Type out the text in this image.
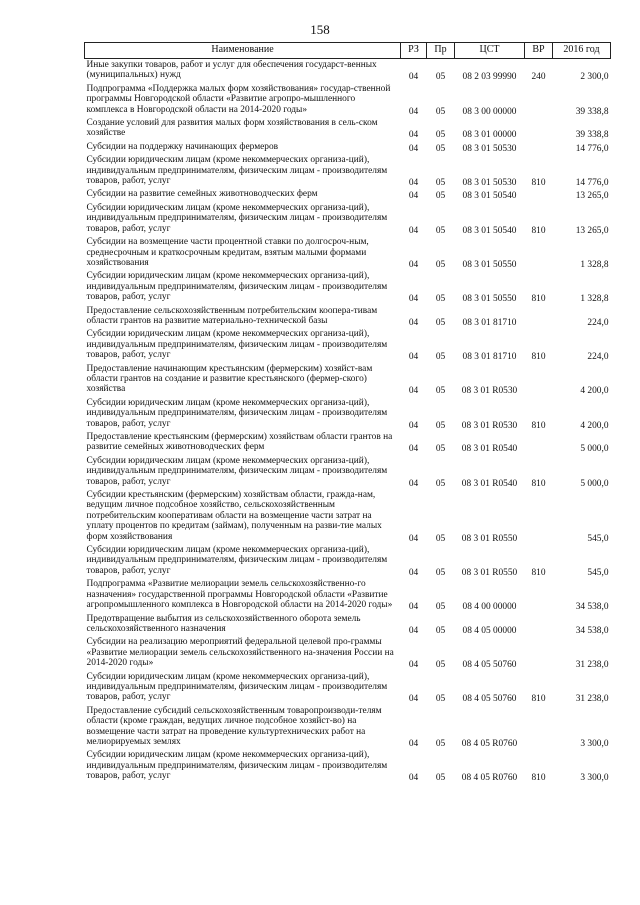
158
Наименование	РЗ	Пр	ЦСТ	ВР	2016 год
Иные закупки товаров, работ и услуг для обеспечения государст-венных (муниципальных) нужд	04	05	08 2 03 99990	240	2 300,0
Подпрограмма «Поддержка малых форм хозяйствования» государ-ственной программы Новгородской области «Развитие агропро-мышленного комплекса в Новгородской области на 2014-2020 годы»	04	05	08 3 00 00000		39 338,8
Создание условий для развития малых форм хозяйствования в сель-ском хозяйстве	04	05	08 3 01 00000		39 338,8
Субсидии на поддержку начинающих фермеров	04	05	08 3 01 50530		14 776,0
Субсидии юридическим лицам (кроме некоммерческих организа-ций), индивидуальным предпринимателям, физическим лицам - производителям товаров, работ, услуг	04	05	08 3 01 50530	810	14 776,0
Субсидии на развитие семейных животноводческих ферм	04	05	08 3 01 50540		13 265,0
Субсидии юридическим лицам (кроме некоммерческих организа-ций), индивидуальным предпринимателям, физическим лицам - производителям товаров, работ, услуг	04	05	08 3 01 50540	810	13 265,0
Субсидии на возмещение части процентной ставки по долгосроч-ным, среднесрочным и краткосрочным кредитам, взятым малыми формами хозяйствования	04	05	08 3 01 50550		1 328,8
Субсидии юридическим лицам (кроме некоммерческих организа-ций), индивидуальным предпринимателям, физическим лицам - производителям товаров, работ, услуг	04	05	08 3 01 50550	810	1 328,8
Предоставление сельскохозяйственным потребительским коопера-тивам области грантов на развитие материально-технической базы	04	05	08 3 01 81710		224,0
Субсидии юридическим лицам (кроме некоммерческих организа-ций), индивидуальным предпринимателям, физическим лицам - производителям товаров, работ, услуг	04	05	08 3 01 81710	810	224,0
Предоставление начинающим крестьянским (фермерским) хозяйст-вам области грантов на создание и развитие крестьянского (фермер-ского) хозяйства	04	05	08 3 01 R0530		4 200,0
Субсидии юридическим лицам (кроме некоммерческих организа-ций), индивидуальным предпринимателям, физическим лицам - производителям товаров, работ, услуг	04	05	08 3 01 R0530	810	4 200,0
Предоставление крестьянским (фермерским) хозяйствам области грантов на развитие семейных животноводческих ферм	04	05	08 3 01 R0540		5 000,0
Субсидии юридическим лицам (кроме некоммерческих организа-ций), индивидуальным предпринимателям, физическим лицам - производителям товаров, работ, услуг	04	05	08 3 01 R0540	810	5 000,0
Субсидии крестьянским (фермерским) хозяйствам области, гражда-нам, ведущим личное подсобное хозяйство, сельскохозяйственным потребительским кооперативам области на возмещение части затрат на уплату процентов по кредитам (займам), полученным на разви-тие малых форм хозяйствования	04	05	08 3 01 R0550		545,0
Субсидии юридическим лицам (кроме некоммерческих организа-ций), индивидуальным предпринимателям, физическим лицам - производителям товаров, работ, услуг	04	05	08 3 01 R0550	810	545,0
Подпрограмма «Развитие мелиорации земель сельскохозяйственно-го назначения» государственной программы Новгородской области «Развитие агропромышленного комплекса в Новгородской области на 2014-2020 годы»	04	05	08 4 00 00000		34 538,0
Предотвращение выбытия из сельскохозяйственного оборота земель сельскохозяйственного назначения	04	05	08 4 05 00000		34 538,0
Субсидии на реализацию мероприятий федеральной целевой про-граммы «Развитие мелиорации земель сельскохозяйственного на-значения России на 2014-2020 годы»	04	05	08 4 05 50760		31 238,0
Субсидии юридическим лицам (кроме некоммерческих организа-ций), индивидуальным предпринимателям, физическим лицам - производителям товаров, работ, услуг	04	05	08 4 05 50760	810	31 238,0
Предоставление субсидий сельскохозяйственным товаропроизводи-телям области (кроме граждан, ведущих личное подсобное хозяйст-во) на возмещение части затрат на проведение культуртехнических работ на мелиорируемых землях	04	05	08 4 05 R0760		3 300,0
Субсидии юридическим лицам (кроме некоммерческих организа-ций), индивидуальным предпринимателям, физическим лицам - производителям товаров, работ, услуг	04	05	08 4 05 R0760	810	3 300,0
